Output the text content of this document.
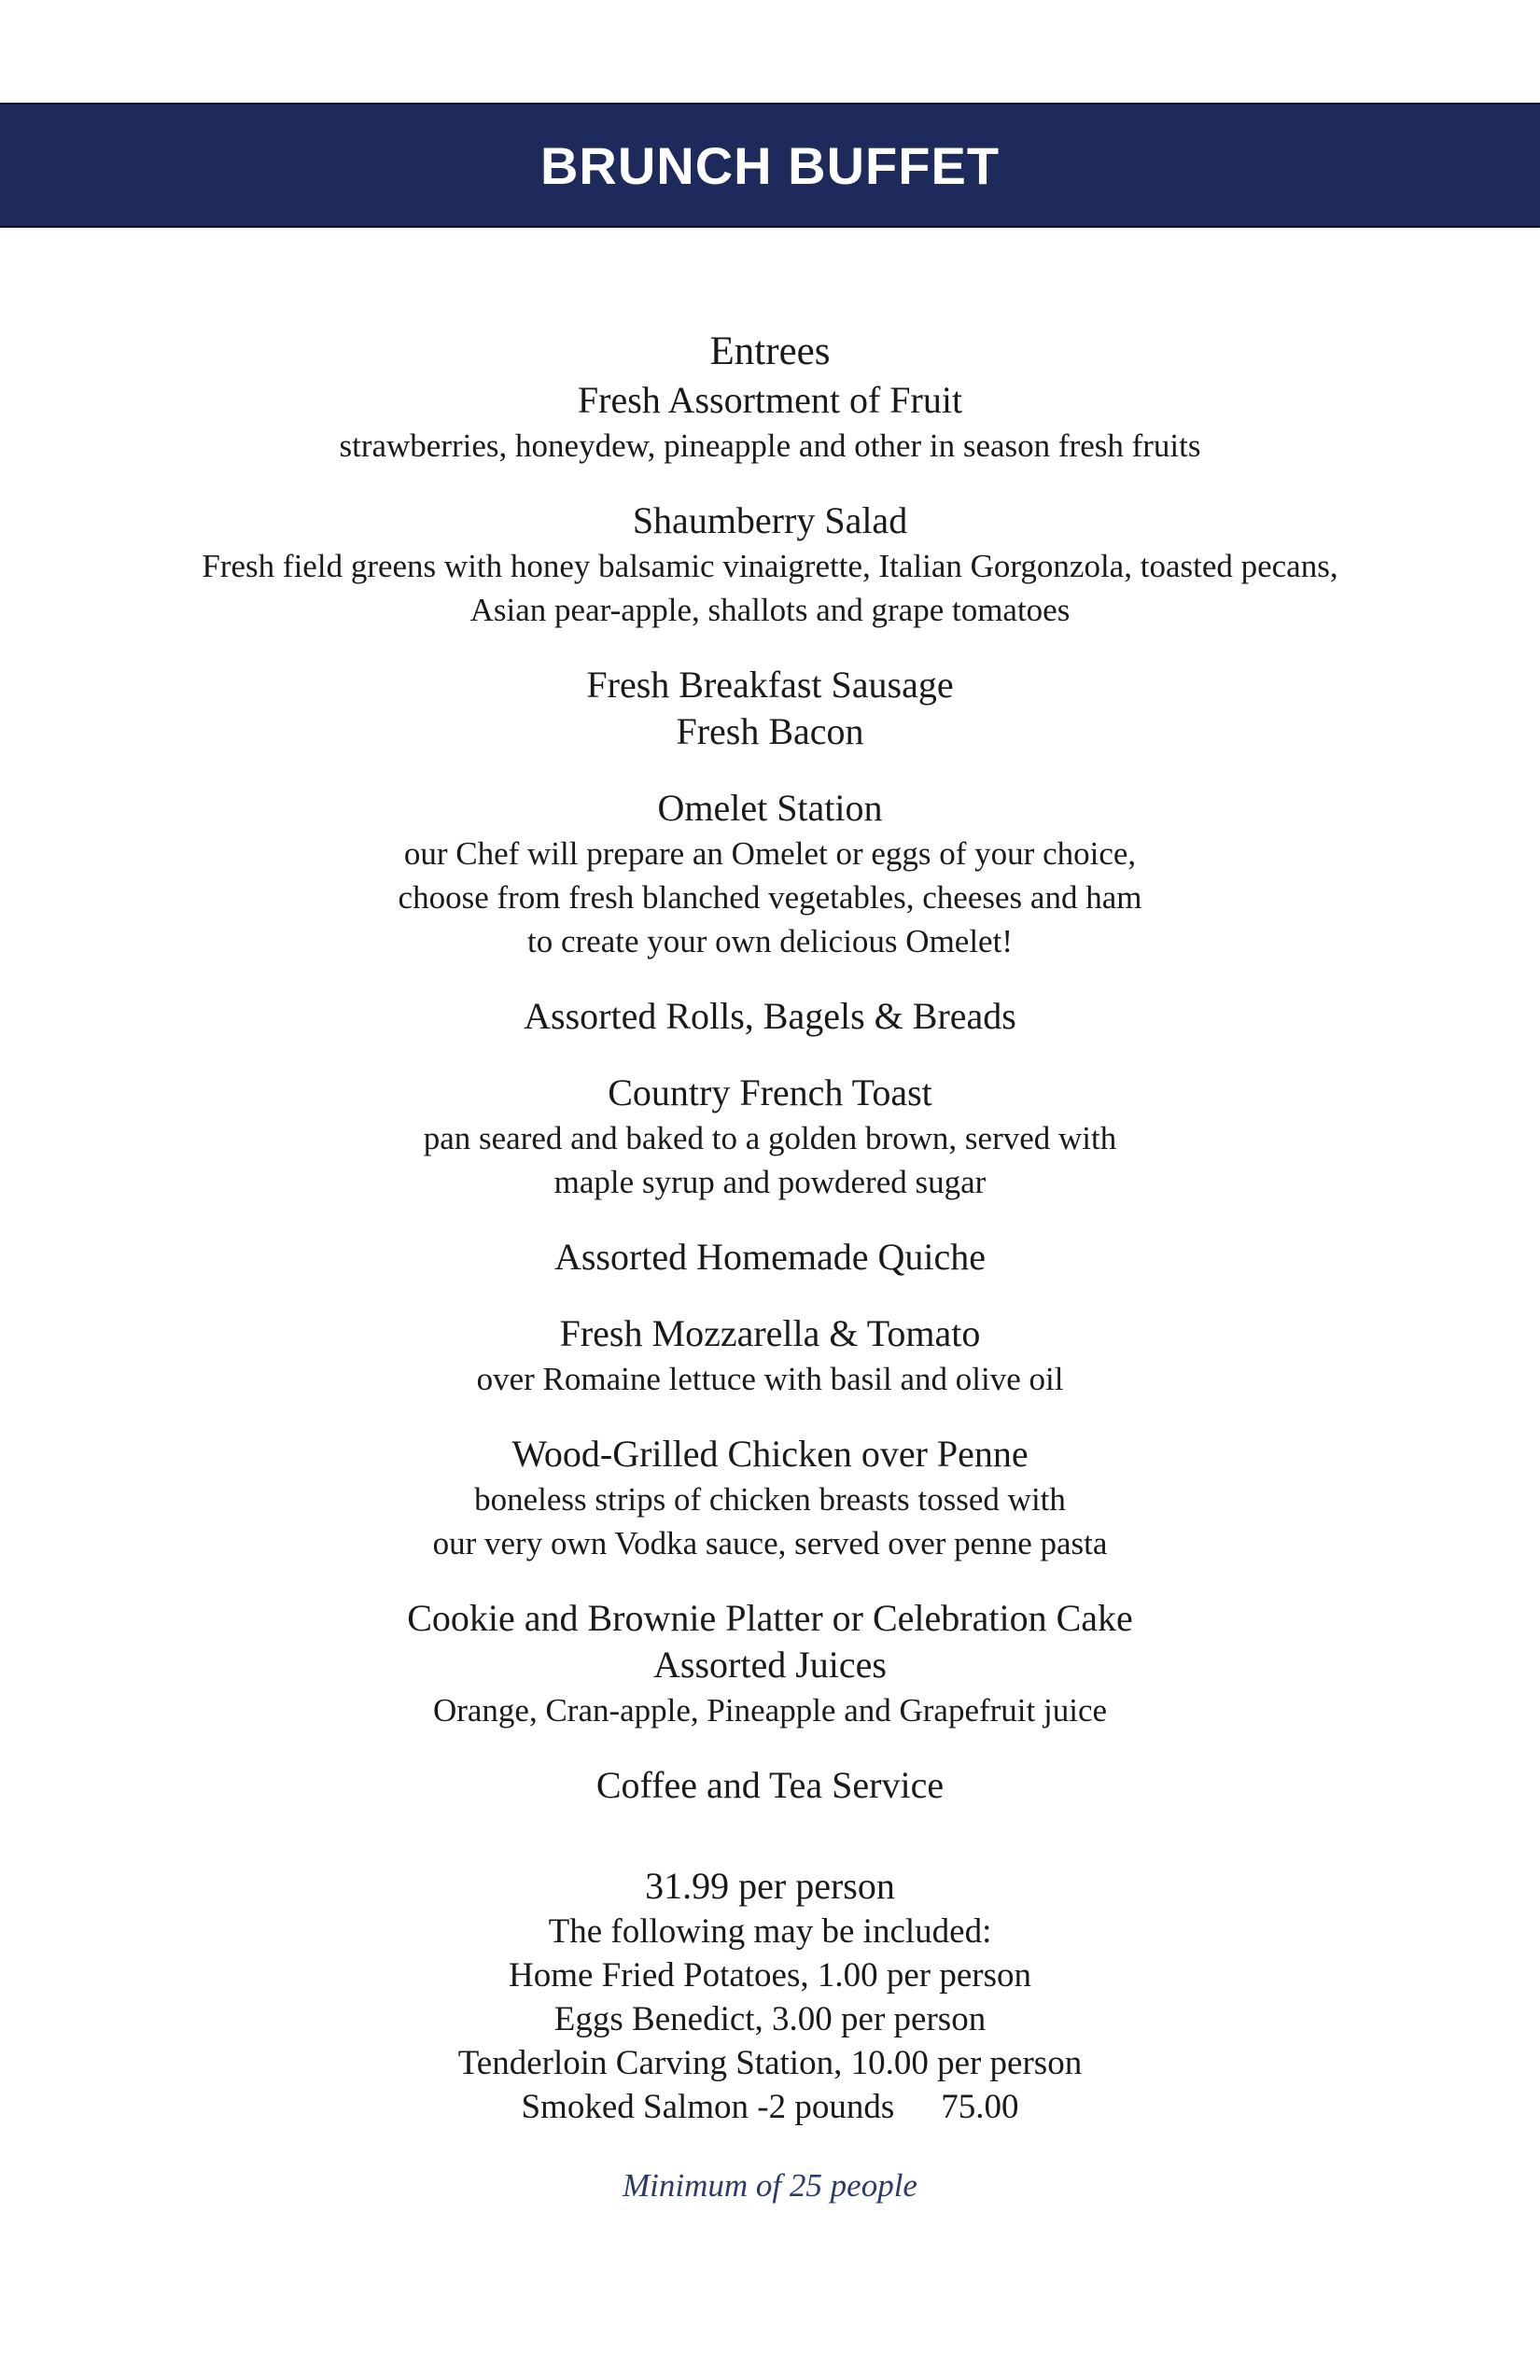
BRUNCH BUFFET
Entrees
Fresh Assortment of Fruit
strawberries, honeydew, pineapple and other in season fresh fruits
Shaumberry Salad
Fresh field greens with honey balsamic vinaigrette, Italian Gorgonzola, toasted pecans,
Asian pear-apple, shallots and grape tomatoes
Fresh Breakfast Sausage
Fresh Bacon
Omelet Station
our Chef will prepare an Omelet or eggs of your choice,
choose from fresh blanched vegetables, cheeses and ham
to create your own delicious Omelet!
Assorted Rolls, Bagels & Breads
Country French Toast
pan seared and baked to a golden brown, served with
maple syrup and powdered sugar
Assorted Homemade Quiche
Fresh Mozzarella & Tomato
over Romaine lettuce with basil and olive oil
Wood-Grilled Chicken over Penne
boneless strips of chicken breasts tossed with
our very own Vodka sauce, served over penne pasta
Cookie and Brownie Platter or Celebration Cake
Assorted Juices
Orange, Cran-apple, Pineapple and Grapefruit juice
Coffee and Tea Service
31.99 per person
The following may be included:
Home Fried Potatoes, 1.00 per person
Eggs Benedict, 3.00 per person
Tenderloin Carving Station, 10.00 per person
Smoked Salmon -2 pounds 75.00
Minimum of 25 people
